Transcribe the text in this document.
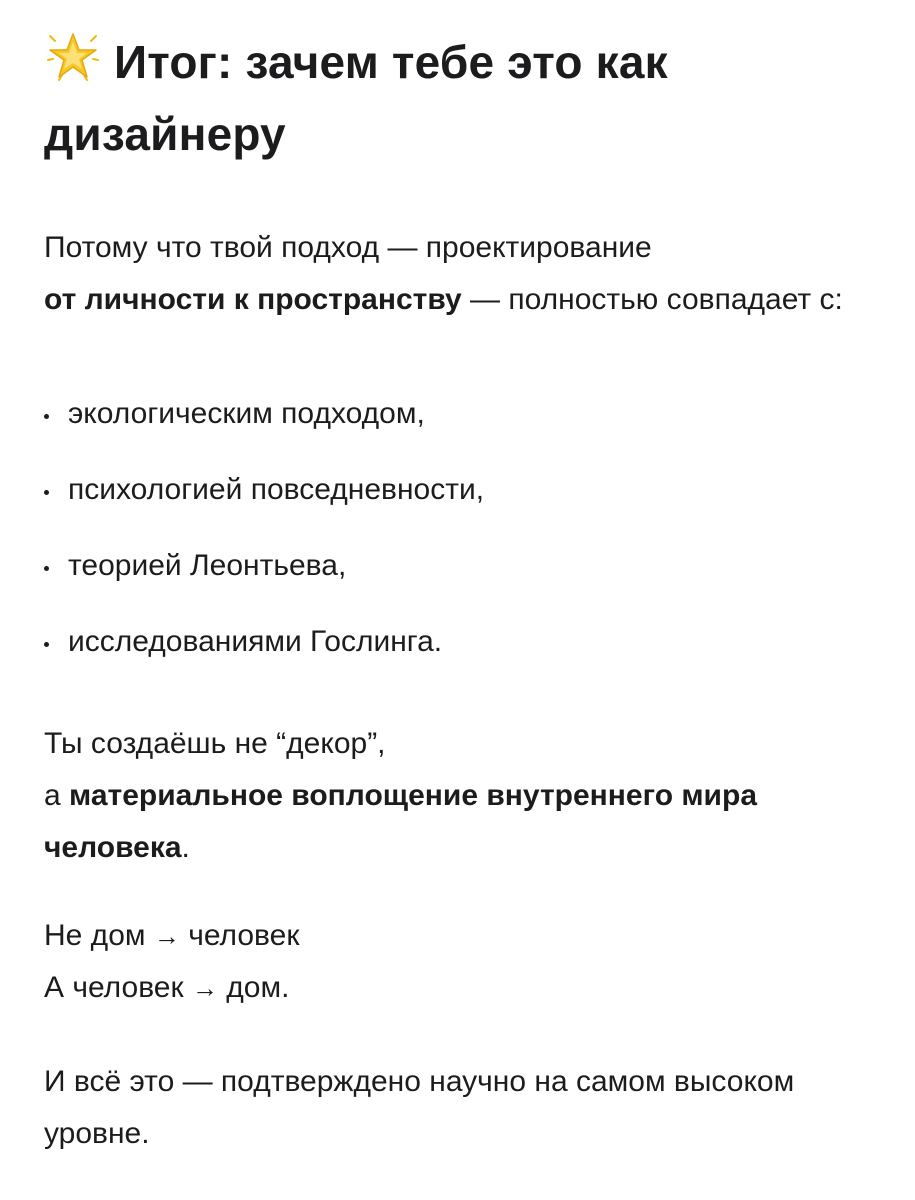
Итог: зачем тебе это как дизайнеру

Потому что твой подход — проектирование
от личности к пространству — полностью совпадает с:

экологическим подходом,
психологией повседневности,
теорией Леонтьева,
исследованиями Гослинга.

Ты создаёшь не “декор”,
а материальное воплощение внутреннего мира человека.

Не дом → человек
А человек → дом.

И всё это — подтверждено научно на самом высоком уровне.
